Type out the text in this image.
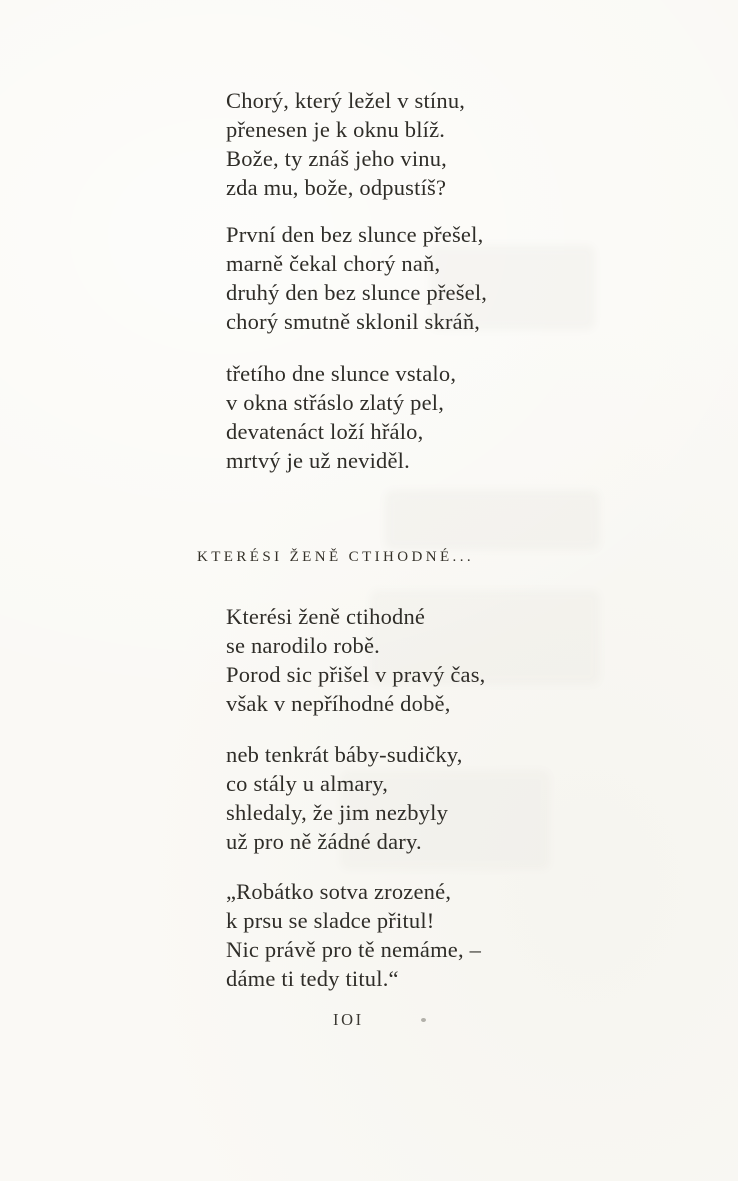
Chorý, který ležel v stínu,
přenesen je k oknu blíž.
Bože, ty znáš jeho vinu,
zda mu, bože, odpustíš?
První den bez slunce přešel,
marně čekal chorý naň,
druhý den bez slunce přešel,
chorý smutně sklonil skráň,
třetího dne slunce vstalo,
v okna střáslo zlatý pel,
devatenáct loží hřálo,
mrtvý je už neviděl.
KTERÉSI ŽENĚ CTIHODNÉ...
Kterési ženě ctihodné
se narodilo robě.
Porod sic přišel v pravý čas,
však v nepříhodné době,
neb tenkrát báby-sudičky,
co stály u almary,
shledaly, že jim nezbyly
už pro ně žádné dary.
„Robátko sotva zrozené,
k prsu se sladce přitul!
Nic právě pro tě nemáme, –
dáme ti tedy titul.“
IOI
